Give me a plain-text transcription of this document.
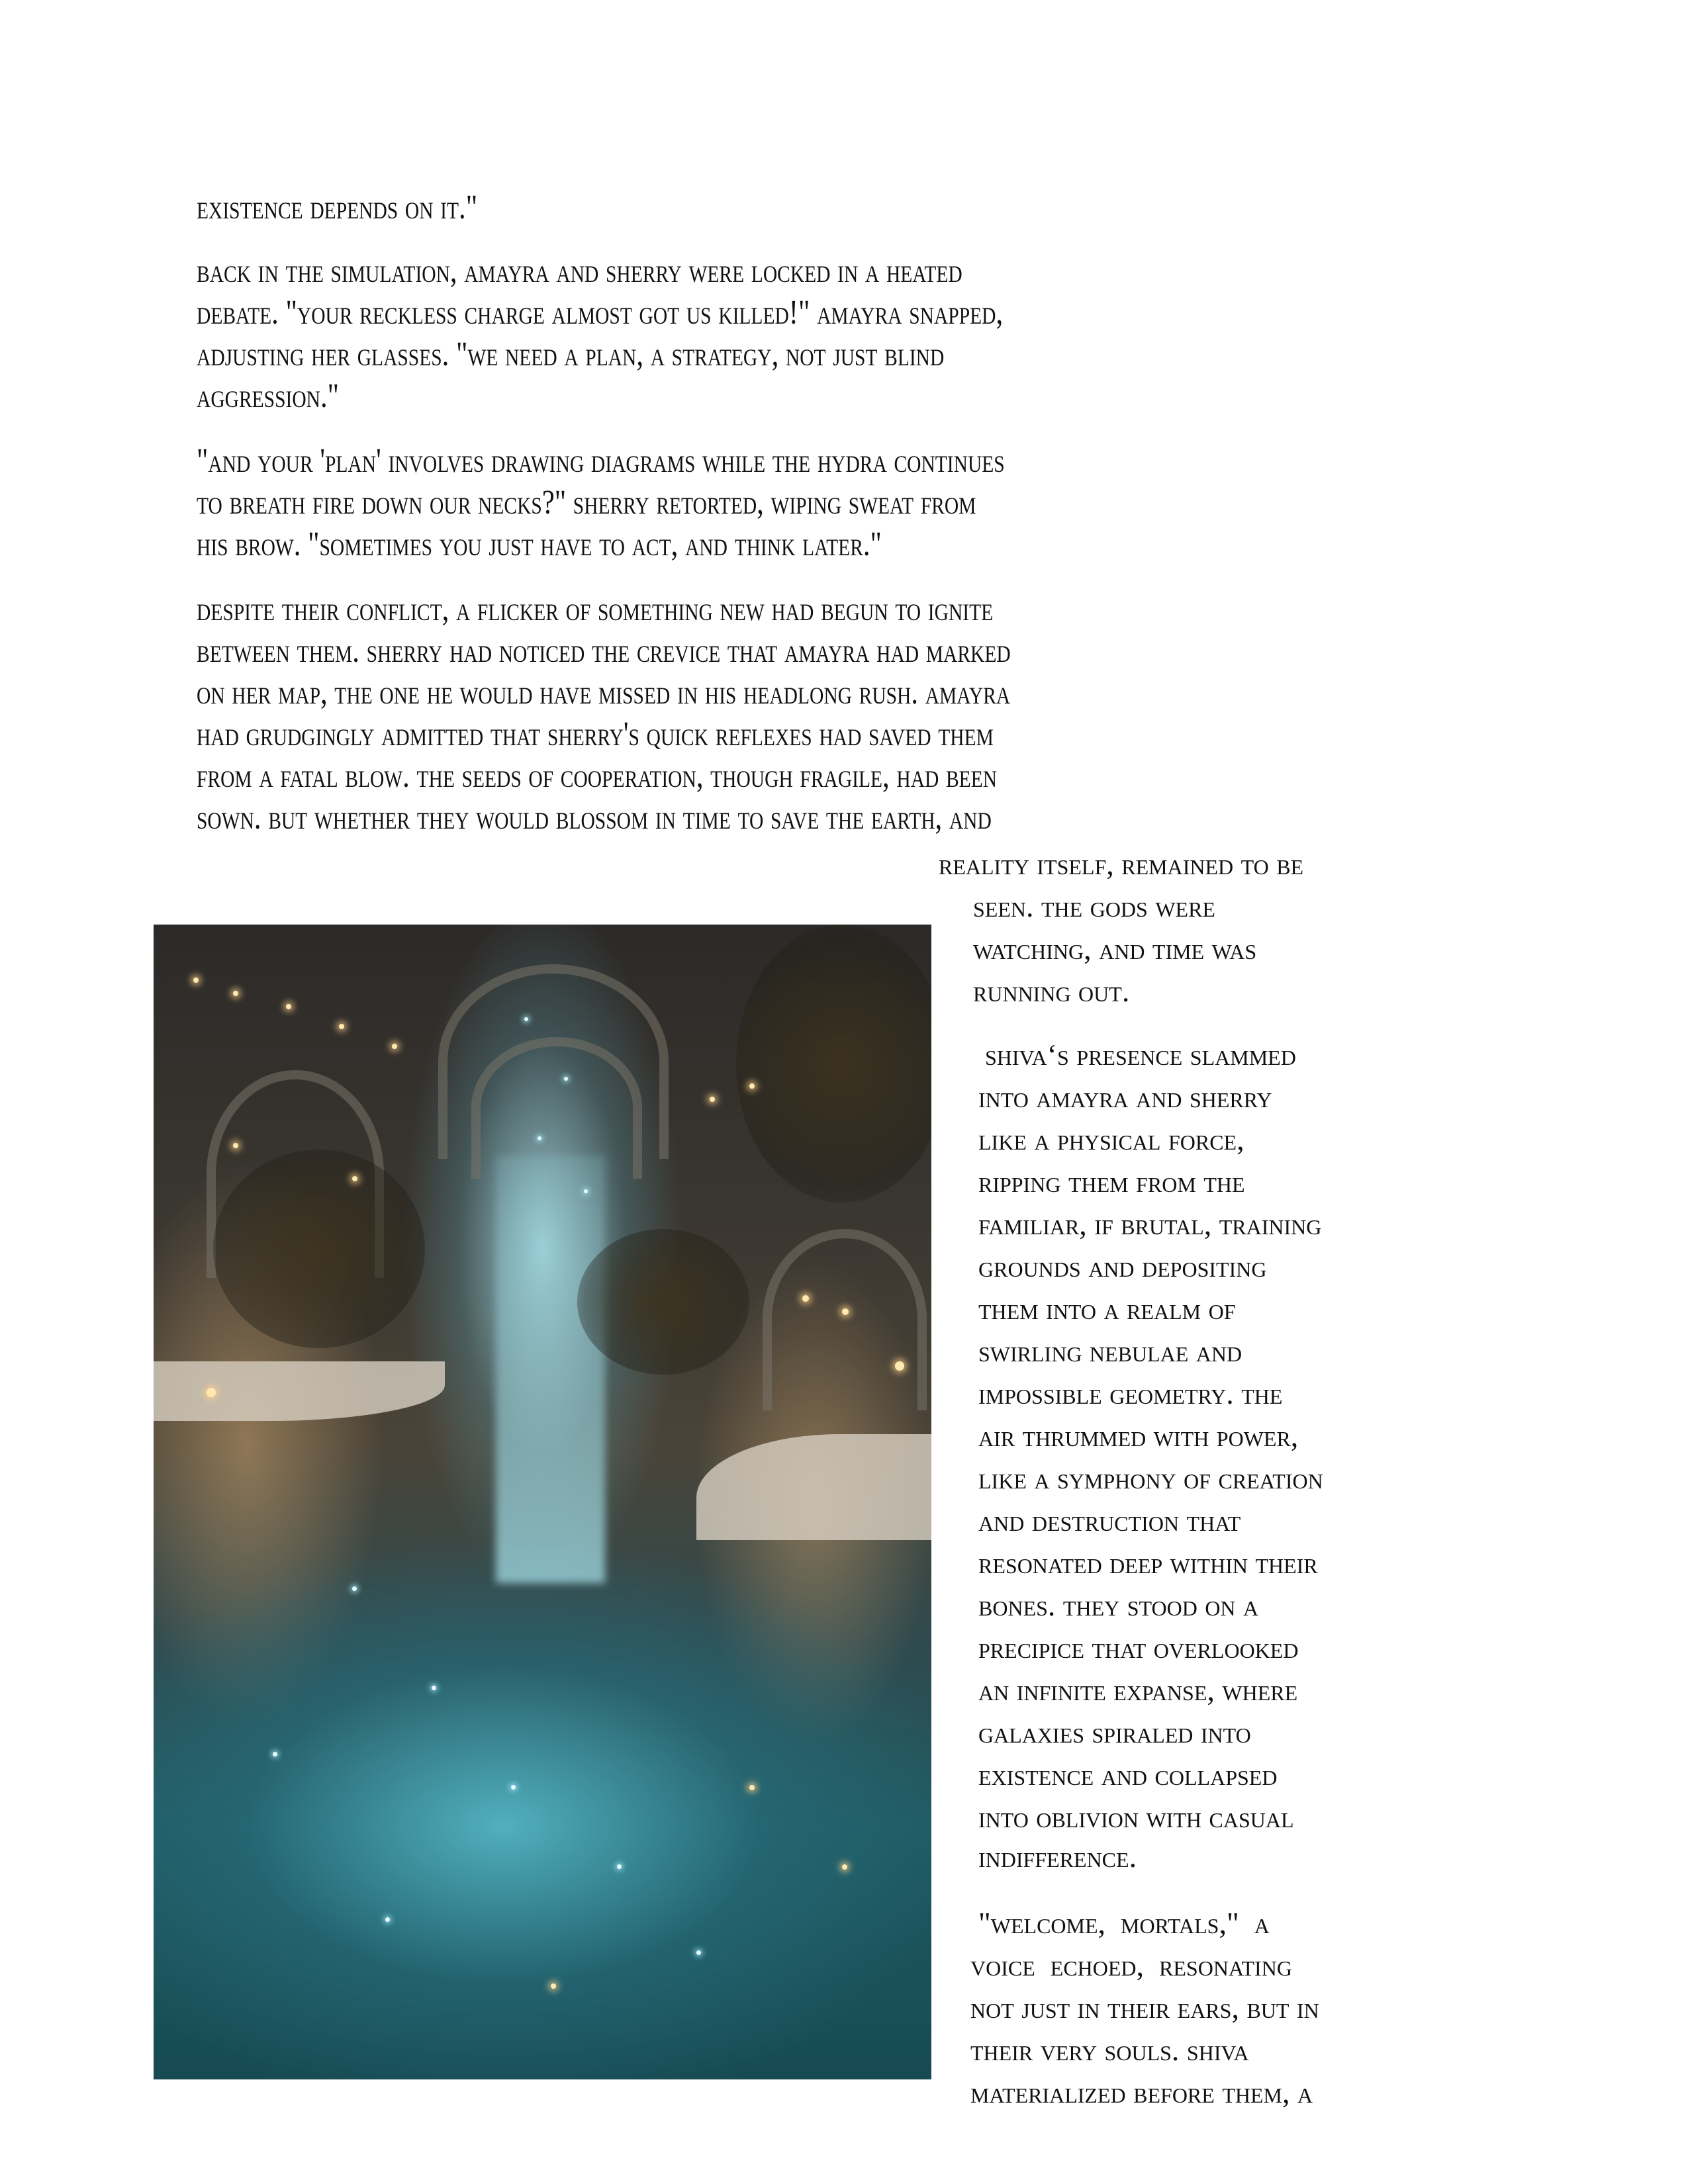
existence depends on it."
back in the simulation, amayra and sherry were locked in a heated
debate. "your reckless charge almost got us killed!" amayra snapped,
adjusting her glasses. "we need a plan, a strategy, not just blind
aggression."
"and your 'plan' involves drawing diagrams while the hydra continues
to breath fire down our necks?" sherry retorted, wiping sweat from
his brow. "sometimes you just have to act, and think later."
despite their conflict, a flicker of something new had begun to ignite
between them. sherry had noticed the crevice that amayra had marked
on her map, the one he would have missed in his headlong rush. amayra
had grudgingly admitted that sherry's quick reflexes had saved them
from a fatal blow. the seeds of cooperation, though fragile, had been
sown. but whether they would blossom in time to save the earth, and
reality itself, remained to be
seen. the gods were
watching, and time was
running out.
shiva‘s presence slammed
into amayra and sherry
like a physical force,
ripping them from the
familiar, if brutal, training
grounds and depositing
them into a realm of
swirling nebulae and
impossible geometry. the
air thrummed with power,
like a symphony of creation
and destruction that
resonated deep within their
bones. they stood on a
precipice that overlooked
an infinite expanse, where
galaxies spiraled into
existence and collapsed
into oblivion with casual
indifference.
"welcome,  mortals,"  a
voice  echoed,  resonating
not just in their ears, but in
their very souls. shiva
materialized before them, a
